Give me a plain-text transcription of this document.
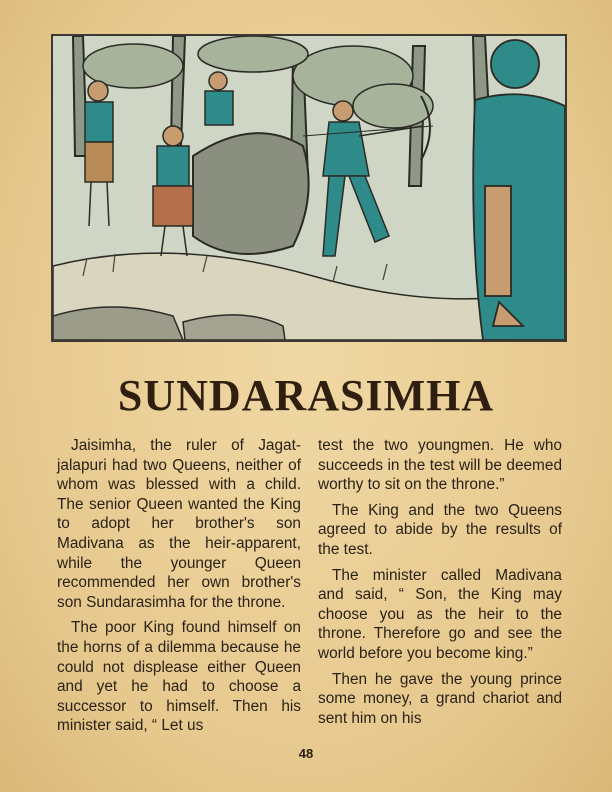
SUNDARASIMHA

Jaisimha, the ruler of Jagat-jalapuri had two Queens, neither of whom was blessed with a child. The senior Queen wanted the King to adopt her brother's son Madivana as the heir-apparent, while the younger Queen recommended her own brother's son Sundarasimha for the throne.

The poor King found himself on the horns of a dilemma because he could not displease either Queen and yet he had to choose a successor to himself. Then his minister said, “ Let us

test the two youngmen. He who succeeds in the test will be deemed worthy to sit on the throne.”

The King and the two Queens agreed to abide by the results of the test.

The minister called Madivana and said, “ Son, the King may choose you as the heir to the throne. Therefore go and see the world before you become king.”

Then he gave the young prince some money, a grand chariot and sent him on his

48
